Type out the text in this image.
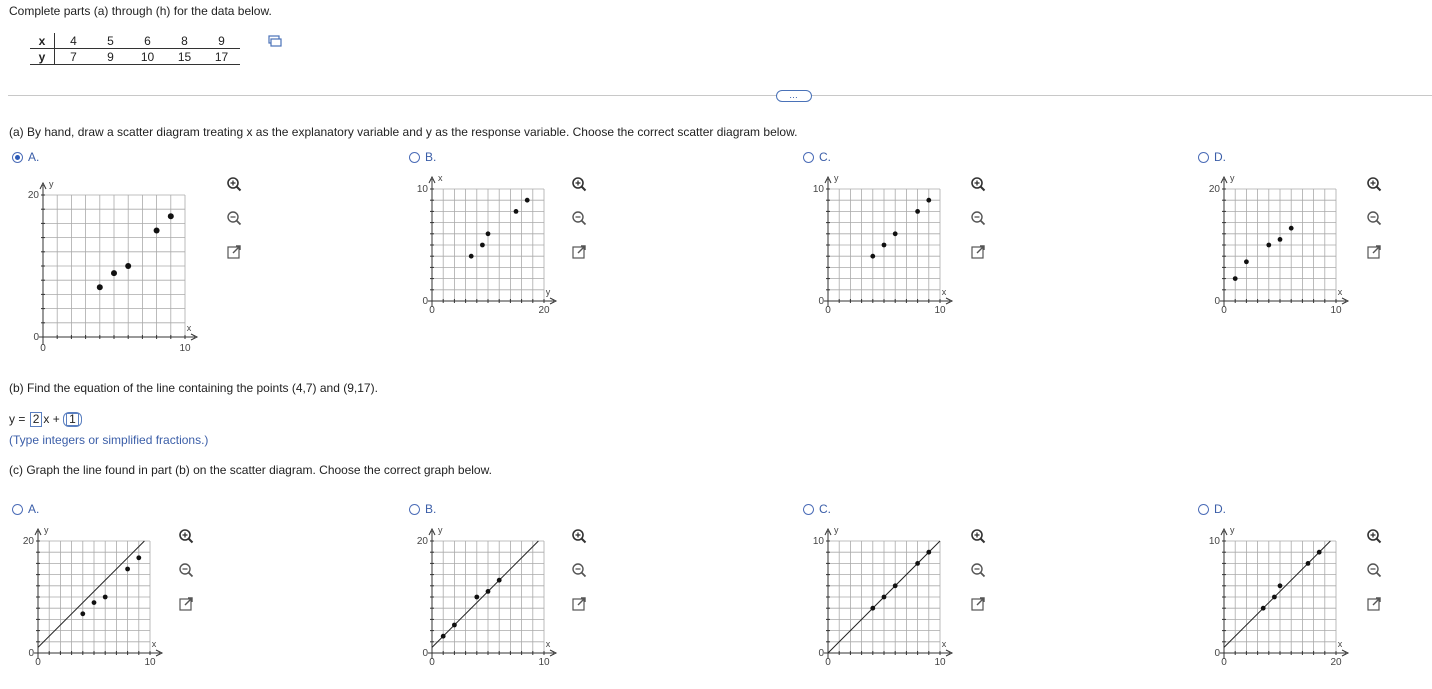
Complete parts (a) through (h) for the data below.
x	4	5	6	8	9
y	7	9	10	15	17
…
(a) By hand, draw a scatter diagram treating x as the explanatory variable and y as the response variable. Choose the correct scatter diagram below.
A.	B.	C.	D.
0	10
0
20
x
y
0	20
0
10
y
x
0	10
0
10
x
y
0	10
0
20
x
y
(b) Find the equation of the line containing the points (4,7) and (9,17).
y = 2 x + 1
(Type integers or simplified fractions.)
(c) Graph the line found in part (b) on the scatter diagram. Choose the correct graph below.
A.	B.	C.	D.
0	10
0
20
x
y
0	10
0
20
x
y
0	10
0
10
x
y
0	20
0
10
x
y
